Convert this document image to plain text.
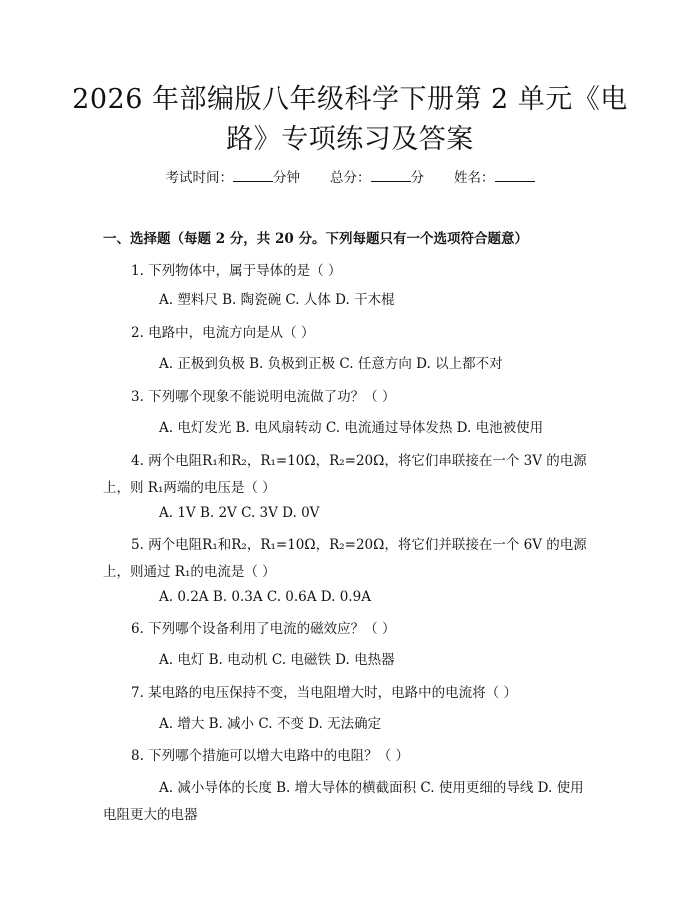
2026 年部编版八年级科学下册第 2 单元《电路》专项练习及答案
考试时间：	分钟 总分：	分 姓名：
一、选择题（每题 2 分，共 20 分。下列每题只有一个选项符合题意）
1. 下列物体中，属于导体的是（ ）
A. 塑料尺 B. 陶瓷碗 C. 人体 D. 干木棍
2. 电路中，电流方向是从（ ）
A. 正极到负极 B. 负极到正极 C. 任意方向 D. 以上都不对
3. 下列哪个现象不能说明电流做了功？（ ）
A. 电灯发光 B. 电风扇转动 C. 电流通过导体发热 D. 电池被使用
4. 两个电阻R₁和R₂，R₁=10Ω，R₂=20Ω，将它们串联接在一个 3V 的电源上，则 R₁两端的电压是（ ）
A. 1V B. 2V C. 3V D. 0V
5. 两个电阻R₁和R₂，R₁=10Ω，R₂=20Ω，将它们并联接在一个 6V 的电源上，则通过 R₁的电流是（ ）
A. 0.2A B. 0.3A C. 0.6A D. 0.9A
6. 下列哪个设备利用了电流的磁效应？（ ）
A. 电灯 B. 电动机 C. 电磁铁 D. 电热器
7. 某电路的电压保持不变，当电阻增大时，电路中的电流将（ ）
A. 增大 B. 减小 C. 不变 D. 无法确定
8. 下列哪个措施可以增大电路中的电阻？（ ）
A. 减小导体的长度 B. 增大导体的横截面积 C. 使用更细的导线 D. 使用电阻更大的电器
